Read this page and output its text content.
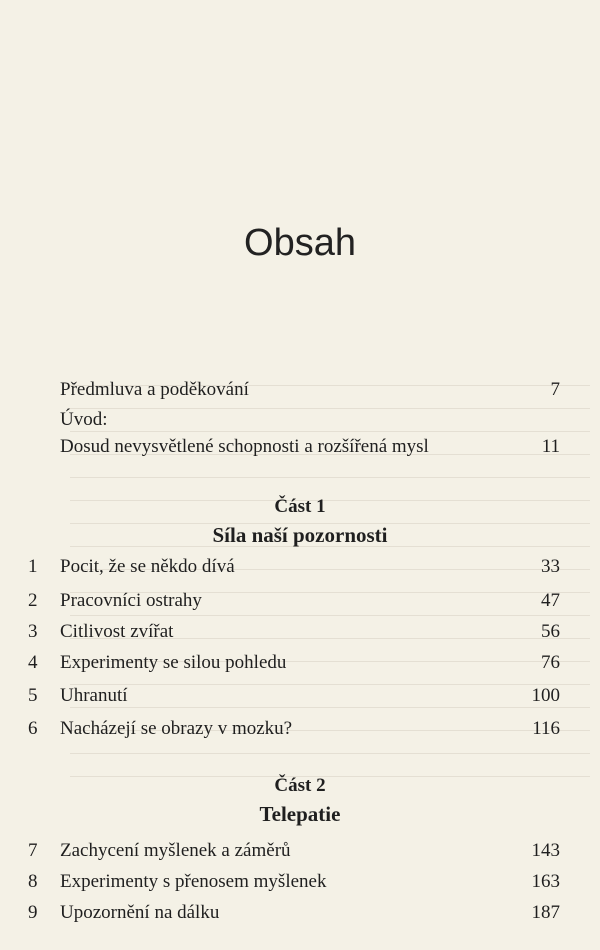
Obsah
Předmluva a poděkování	7
Úvod:
Dosud nevysvětlené schopnosti a rozšířená mysl	11
Část 1
Síla naší pozornosti
1 Pocit, že se někdo dívá	33
2 Pracovníci ostrahy	47
3 Citlivost zvířat	56
4 Experimenty se silou pohledu	76
5 Uhranutí	100
6 Nacházejí se obrazy v mozku?	116
Část 2
Telepatie
7 Zachycení myšlenek a záměrů	143
8 Experimenty s přenosem myšlenek	163
9 Upozornění na dálku	187
